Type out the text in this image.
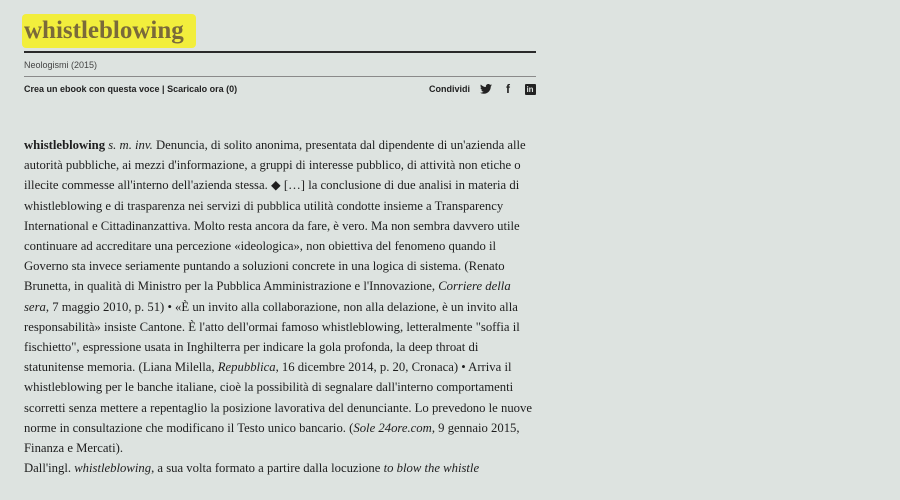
whistleblowing
Neologismi (2015)
Crea un ebook con questa voce | Scaricalo ora (0)	Condividi	f	in

whistleblowing s. m. inv. Denuncia, di solito anonima, presentata dal dipendente di un'azienda alle autorità pubbliche, ai mezzi d'informazione, a gruppi di interesse pubblico, di attività non etiche o illecite commesse all'interno dell'azienda stessa. ◆ […] la conclusione di due analisi in materia di whistleblowing e di trasparenza nei servizi di pubblica utilità condotte insieme a Transparency International e Cittadinanzattiva. Molto resta ancora da fare, è vero. Ma non sembra davvero utile continuare ad accreditare una percezione «ideologica», non obiettiva del fenomeno quando il Governo sta invece seriamente puntando a soluzioni concrete in una logica di sistema. (Renato Brunetta, in qualità di Ministro per la Pubblica Amministrazione e l'Innovazione, Corriere della sera, 7 maggio 2010, p. 51) • «È un invito alla collaborazione, non alla delazione, è un invito alla responsabilità» insiste Cantone. È l'atto dell'ormai famoso whistleblowing, letteralmente "soffia il fischietto", espressione usata in Inghilterra per indicare la gola profonda, la deep throat di statunitense memoria. (Liana Milella, Repubblica, 16 dicembre 2014, p. 20, Cronaca) • Arriva il whistleblowing per le banche italiane, cioè la possibilità di segnalare dall'interno comportamenti scorretti senza mettere a repentaglio la posizione lavorativa del denunciante. Lo prevedono le nuove norme in consultazione che modificano il Testo unico bancario. (Sole 24ore.com, 9 gennaio 2015, Finanza e Mercati).

Dall'ingl. whistleblowing, a sua volta formato a partire dalla locuzione to blow the whistle
